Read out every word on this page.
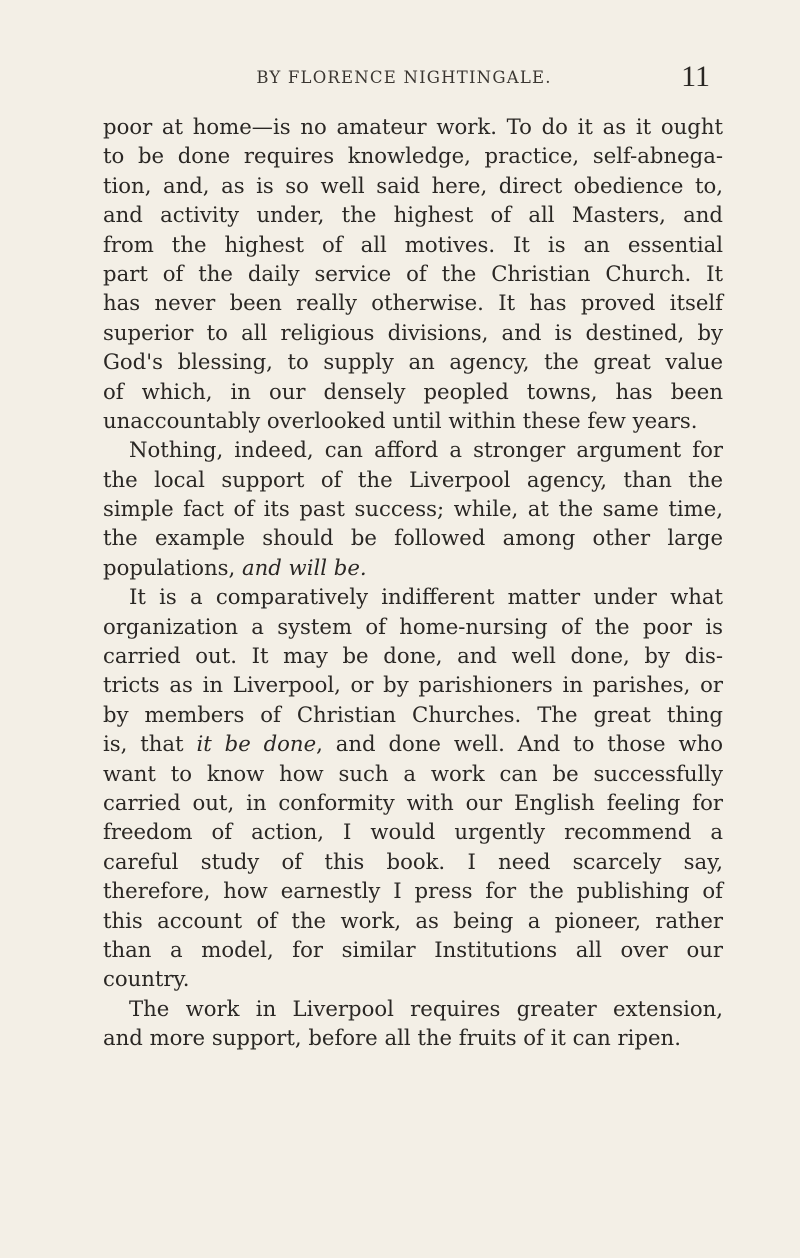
BY FLORENCE NIGHTINGALE.	11
poor at home—is no amateur work. To do it as it ought
to be done requires knowledge, practice, self-abnega-
tion, and, as is so well said here, direct obedience to,
and activity under, the highest of all Masters, and
from the highest of all motives. It is an essential
part of the daily service of the Christian Church. It
has never been really otherwise. It has proved itself
superior to all religious divisions, and is destined, by
God's blessing, to supply an agency, the great value
of which, in our densely peopled towns, has been
unaccountably overlooked until within these few years.
Nothing, indeed, can afford a stronger argument for
the local support of the Liverpool agency, than the
simple fact of its past success; while, at the same time,
the example should be followed among other large
populations, and will be.
It is a comparatively indifferent matter under what
organization a system of home-nursing of the poor is
carried out. It may be done, and well done, by dis-
tricts as in Liverpool, or by parishioners in parishes, or
by members of Christian Churches. The great thing
is, that it be done, and done well. And to those who
want to know how such a work can be successfully
carried out, in conformity with our English feeling for
freedom of action, I would urgently recommend a
careful study of this book. I need scarcely say,
therefore, how earnestly I press for the publishing of
this account of the work, as being a pioneer, rather
than a model, for similar Institutions all over our
country.
The work in Liverpool requires greater extension,
and more support, before all the fruits of it can ripen.
